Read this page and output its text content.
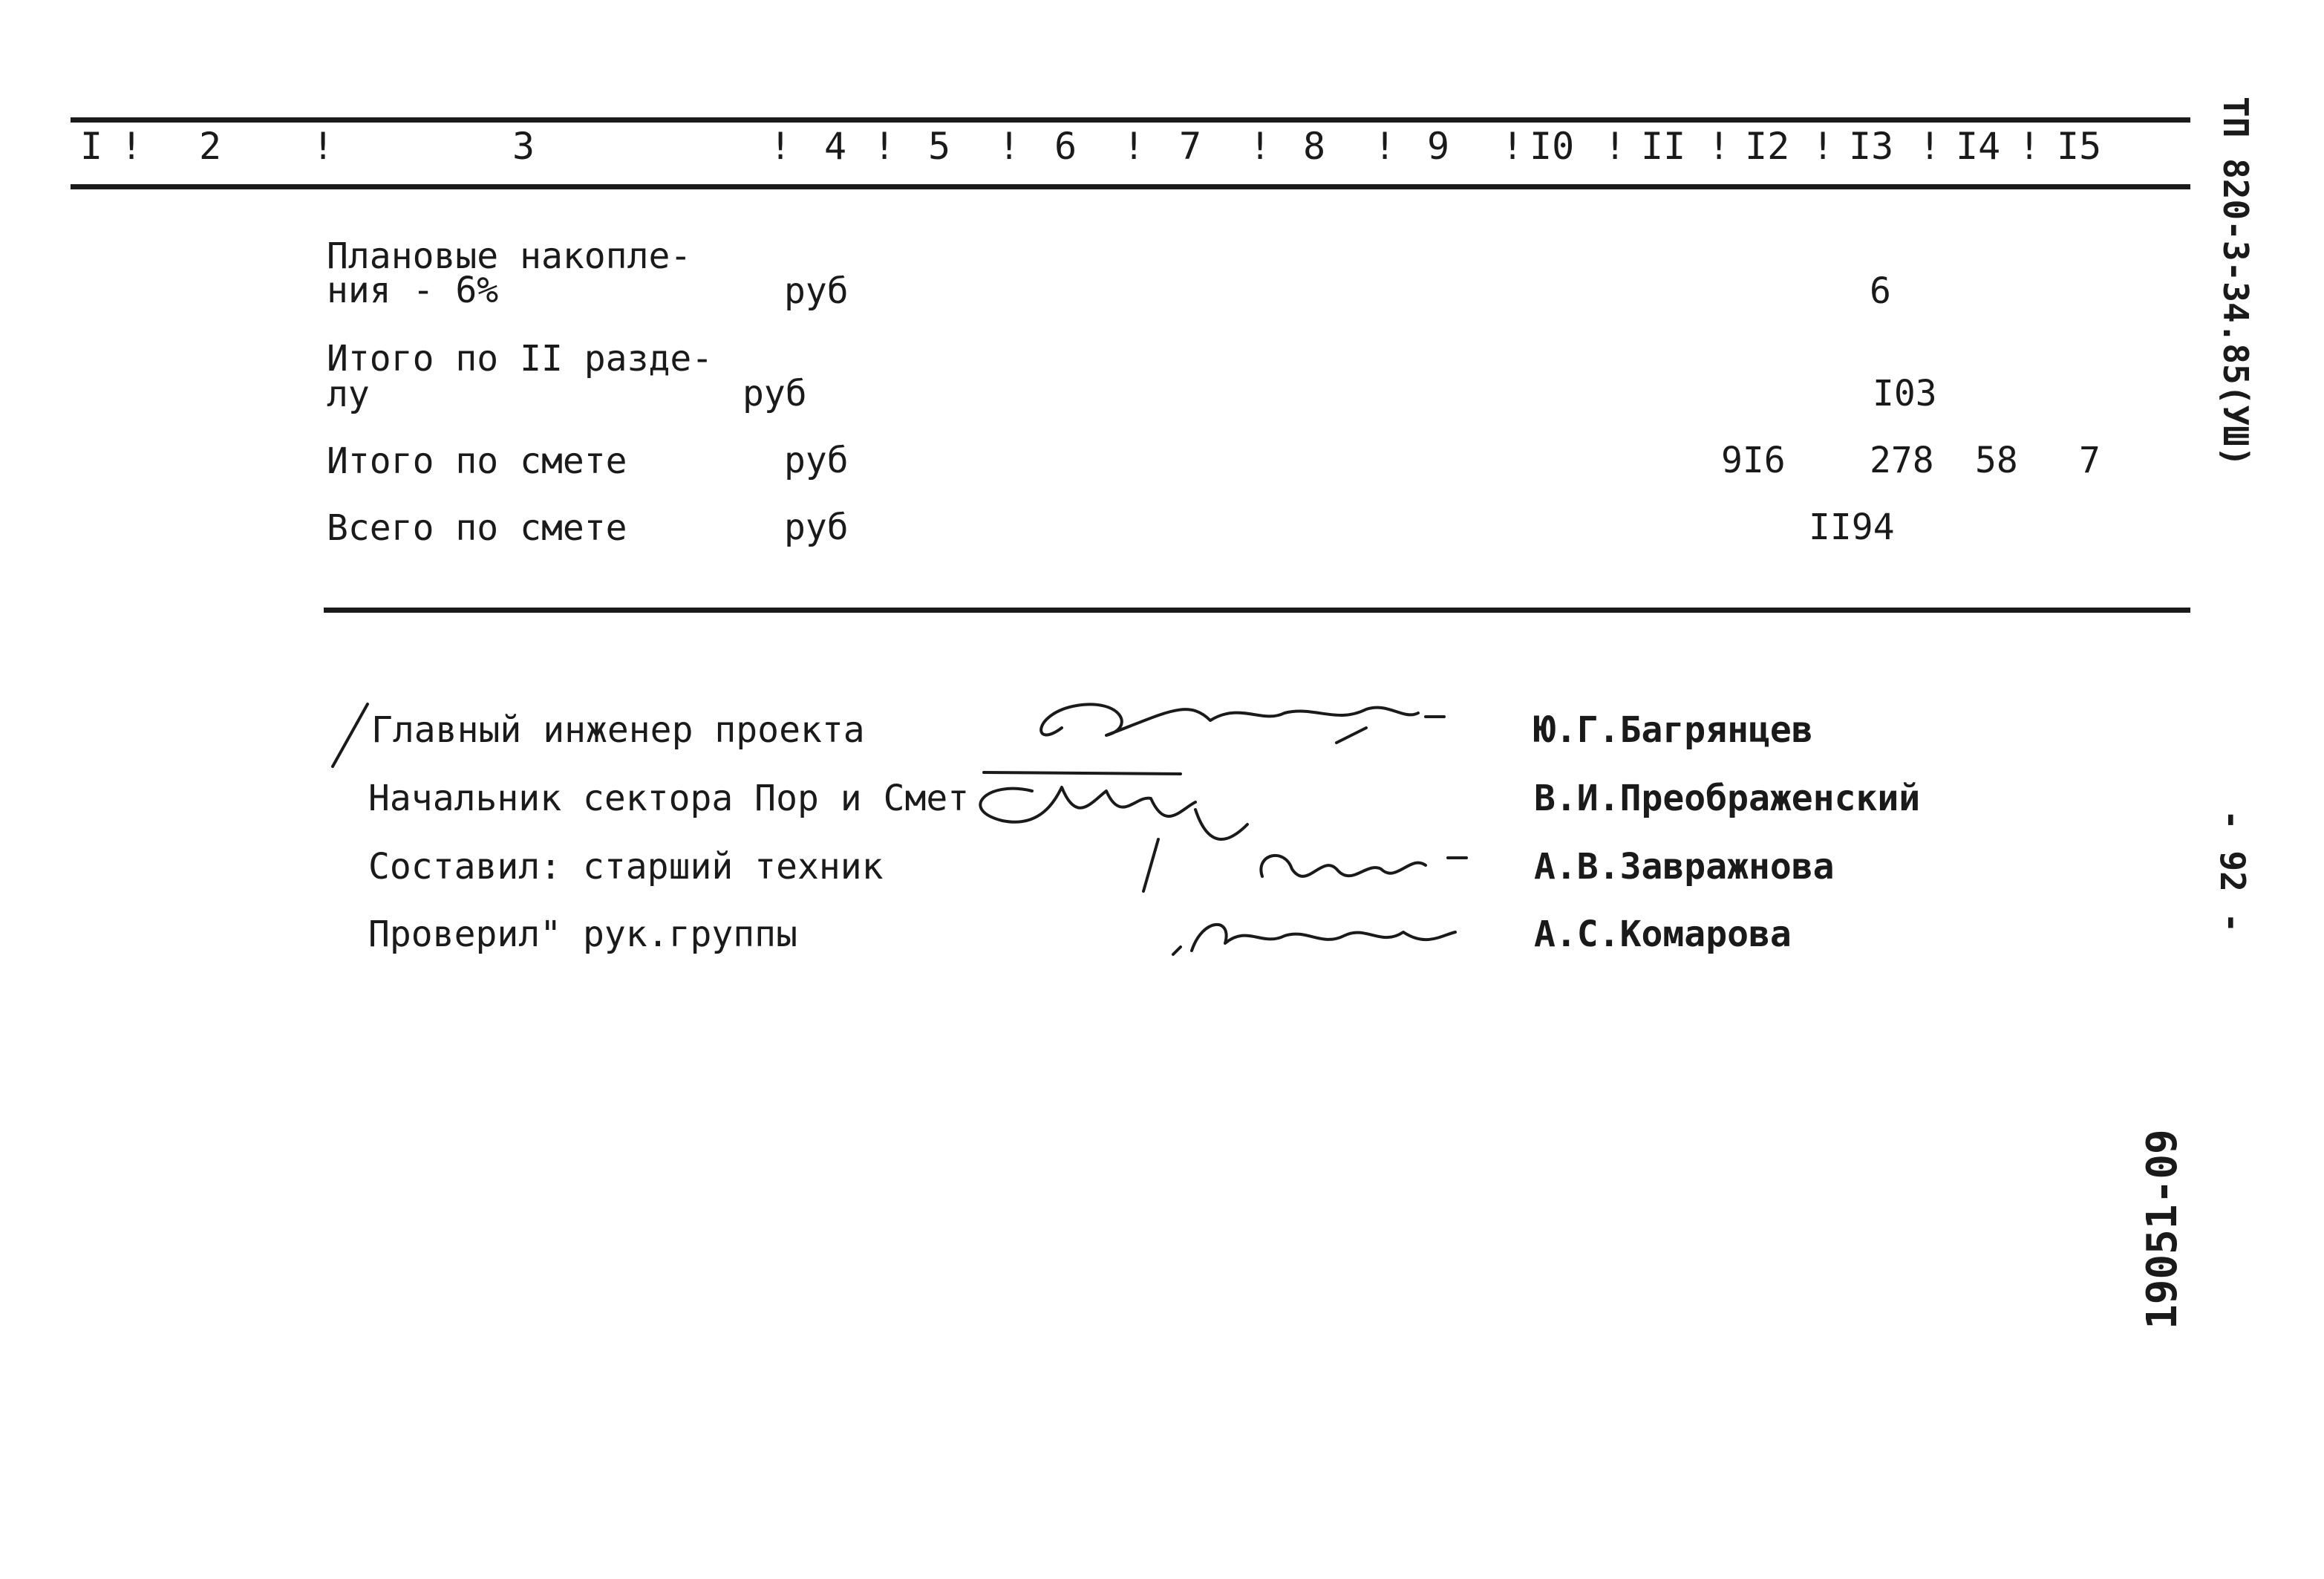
I ! 2 !	3	! 4 ! 5 ! 6 ! 7 ! 8 ! 9 ! I0 ! II ! I2 ! I3 ! I4 ! I5
Плановые накопле-
ния - 6%	руб	6
Итого по II разде-
лу	руб	I03
Итого по смете	руб	9I6 278 58 7
Всего по смете	руб	II94
Главный инженер проекта	Ю.Г.Багрянцев
Начальник сектора Пор и Смет	В.И.Преображенский
Составил: старший техник	А.В.Завражнова
Проверил" рук.группы	А.С.Комарова
ТП 820-3-34.85(УШ)
- 92 -
19051-09
